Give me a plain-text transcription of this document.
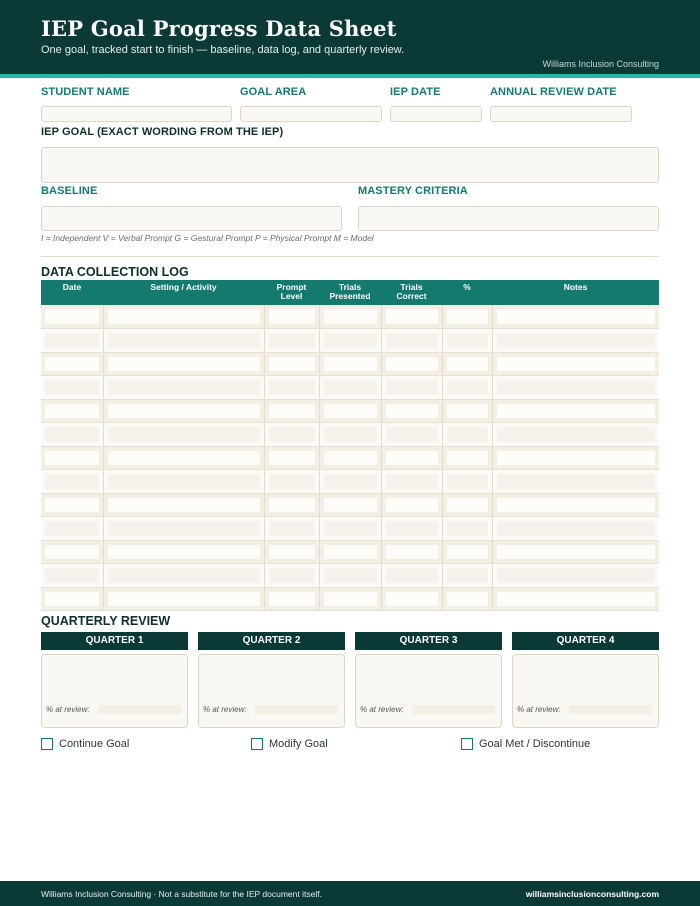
IEP Goal Progress Data Sheet
One goal, tracked start to finish — baseline, data log, and quarterly review.
Williams Inclusion Consulting
STUDENT NAME	GOAL AREA	IEP DATE	ANNUAL REVIEW DATE
IEP GOAL (EXACT WORDING FROM THE IEP)
BASELINE	MASTERY CRITERIA
I = Independent V = Verbal Prompt G = Gestural Prompt P = Physical Prompt M = Model
DATA COLLECTION LOG
Date	Setting / Activity	Prompt Level	Trials Presented	Trials Correct	%	Notes

QUARTERLY REVIEW
QUARTER 1
% at review:
QUARTER 2
% at review:
QUARTER 3
% at review:
QUARTER 4
% at review:
Continue Goal	Modify Goal	Goal Met / Discontinue
Williams Inclusion Consulting · Not a substitute for the IEP document itself.	williamsinclusionconsulting.com
